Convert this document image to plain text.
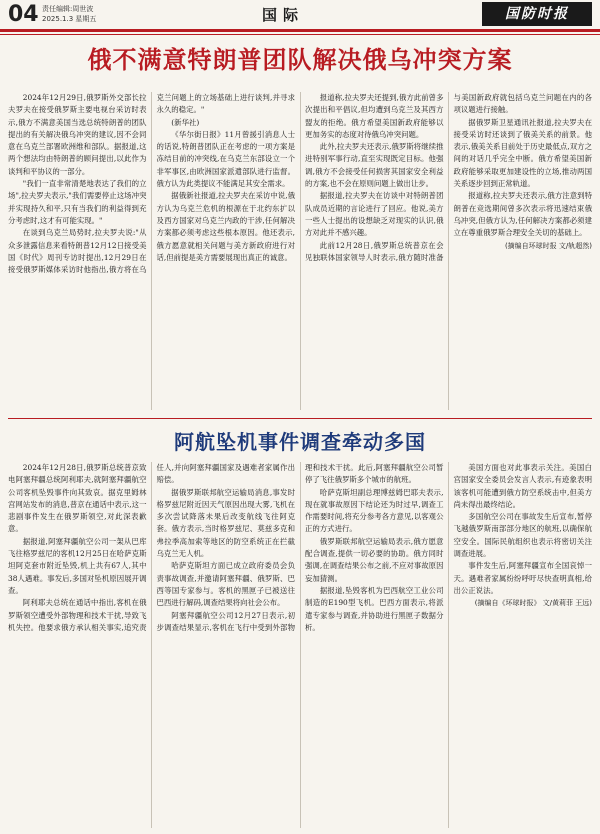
04 责任编辑:周世波
2025.1.3 星期五	国际	国防时报
俄不满意特朗普团队解决俄乌冲突方案

2024年12月29日,俄罗斯外交部长拉夫罗夫在接受俄罗斯主要电视台采访时表示,俄方不满意美国当选总统特朗普的团队提出的有关解决俄乌冲突的建议,因不会同意在乌克兰部署欧洲维和部队。据报道,这两个想法均由特朗普的顾问提出,以此作为谈判和平协议的一部分。

"我们一直非常清楚地表达了我们的立场",拉夫罗夫表示,"我们需要停止这场冲突并实现持久和平,只有当我们的利益得到充分考虑时,这才有可能实现。"

在谈到乌克兰局势时,拉夫罗夫说:"从众多泄露信息来看特朗普12月12日接受美国《时代》周刊专访时提出,12月29日在接受俄罗斯媒体采访时他指出,俄方将在乌克兰问题上的立场基础上进行谈判,并寻求永久的稳定。"

(新华社)

《华尔街日报》11月曾援引消息人士的话说,特朗普团队正在考虑的一项方案是冻结目前的冲突线,在乌克兰东部设立一个非军事区,由欧洲国家派遣部队进行监督。俄方认为此类提议不能满足其安全需求。

据俄新社报道,拉夫罗夫在采访中说,俄方认为乌克兰危机的根源在于北约东扩以及西方国家对乌克兰内政的干涉,任何解决方案都必须考虑这些根本原因。他还表示,俄方愿意就相关问题与美方新政府进行对话,但前提是美方需要展现出真正的诚意。

报道称,拉夫罗夫还提到,俄方此前曾多次提出和平倡议,但均遭到乌克兰及其西方盟友的拒绝。俄方希望美国新政府能够以更加务实的态度对待俄乌冲突问题。

此外,拉夫罗夫还表示,俄罗斯将继续推进特别军事行动,直至实现既定目标。他强调,俄方不会接受任何损害其国家安全利益的方案,也不会在原则问题上做出让步。

据报道,拉夫罗夫在访谈中对特朗普团队成员近期的言论进行了回应。他说,美方一些人士提出的设想缺乏对现实的认识,俄方对此并不感兴趣。

此前12月28日,俄罗斯总统普京在会见独联体国家领导人时表示,俄方随时准备与美国新政府就包括乌克兰问题在内的各项议题进行接触。

据俄罗斯卫星通讯社报道,拉夫罗夫在接受采访时还谈到了俄美关系的前景。他表示,俄美关系目前处于历史最低点,双方之间的对话几乎完全中断。俄方希望美国新政府能够采取更加建设性的立场,推动两国关系逐步回到正常轨道。

报道称,拉夫罗夫还表示,俄方注意到特朗普在竞选期间曾多次表示将迅速结束俄乌冲突,但俄方认为,任何解决方案都必须建立在尊重俄罗斯合理安全关切的基础上。

(摘编自环球时报 文/轨超然)

阿航坠机事件调查牵动多国

2024年12月28日,俄罗斯总统普京致电阿塞拜疆总统阿利耶夫,就阿塞拜疆航空公司客机坠毁事件向其致哀。据克里姆林宫网站发布的消息,普京在通话中表示,这一悲剧事件发生在俄罗斯领空,对此深表歉意。

据报道,阿塞拜疆航空公司一架从巴库飞往格罗兹尼的客机12月25日在哈萨克斯坦阿克套市附近坠毁,机上共有67人,其中38人遇难。事发后,多国对坠机原因展开调查。

阿利耶夫总统在通话中指出,客机在俄罗斯领空遭受外部物理和技术干扰,导致飞机失控。他要求俄方承认相关事实,追究责任人,并向阿塞拜疆国家及遇难者家属作出赔偿。

据俄罗斯联邦航空运输局消息,事发时格罗兹尼附近因天气原因出现大雾,飞机在多次尝试降落未果后改变航线飞往阿克套。俄方表示,当时格罗兹尼、莫兹多克和弗拉季高加索等地区的防空系统正在拦截乌克兰无人机。

哈萨克斯坦方面已成立政府委员会负责事故调查,并邀请阿塞拜疆、俄罗斯、巴西等国专家参与。客机的黑匣子已被送往巴西进行解码,调查结果将向社会公布。

阿塞拜疆航空公司12月27日表示,初步调查结果显示,客机在飞行中受到外部物理和技术干扰。此后,阿塞拜疆航空公司暂停了飞往俄罗斯多个城市的航班。

哈萨克斯坦副总理博兹姆巴耶夫表示,现在就事故原因下结论还为时过早,调查工作需要时间,将充分参考各方意见,以客观公正的方式进行。

俄罗斯联邦航空运输局表示,俄方愿意配合调查,提供一切必要的协助。俄方同时强调,在调查结果公布之前,不应对事故原因妄加猜测。

据报道,坠毁客机为巴西航空工业公司制造的E190型飞机。巴西方面表示,将派遣专家参与调查,并协助进行黑匣子数据分析。

美国方面也对此事表示关注。美国白宫国家安全委员会发言人表示,有迹象表明该客机可能遭到俄方防空系统击中,但美方尚未得出最终结论。

多国航空公司在事故发生后宣布,暂停飞越俄罗斯南部部分地区的航班,以确保航空安全。国际民航组织也表示将密切关注调查进展。

事件发生后,阿塞拜疆宣布全国哀悼一天。遇难者家属纷纷呼吁尽快查明真相,给出公正说法。

(摘编自《环球时报》 文/黄莉菲 王远)
